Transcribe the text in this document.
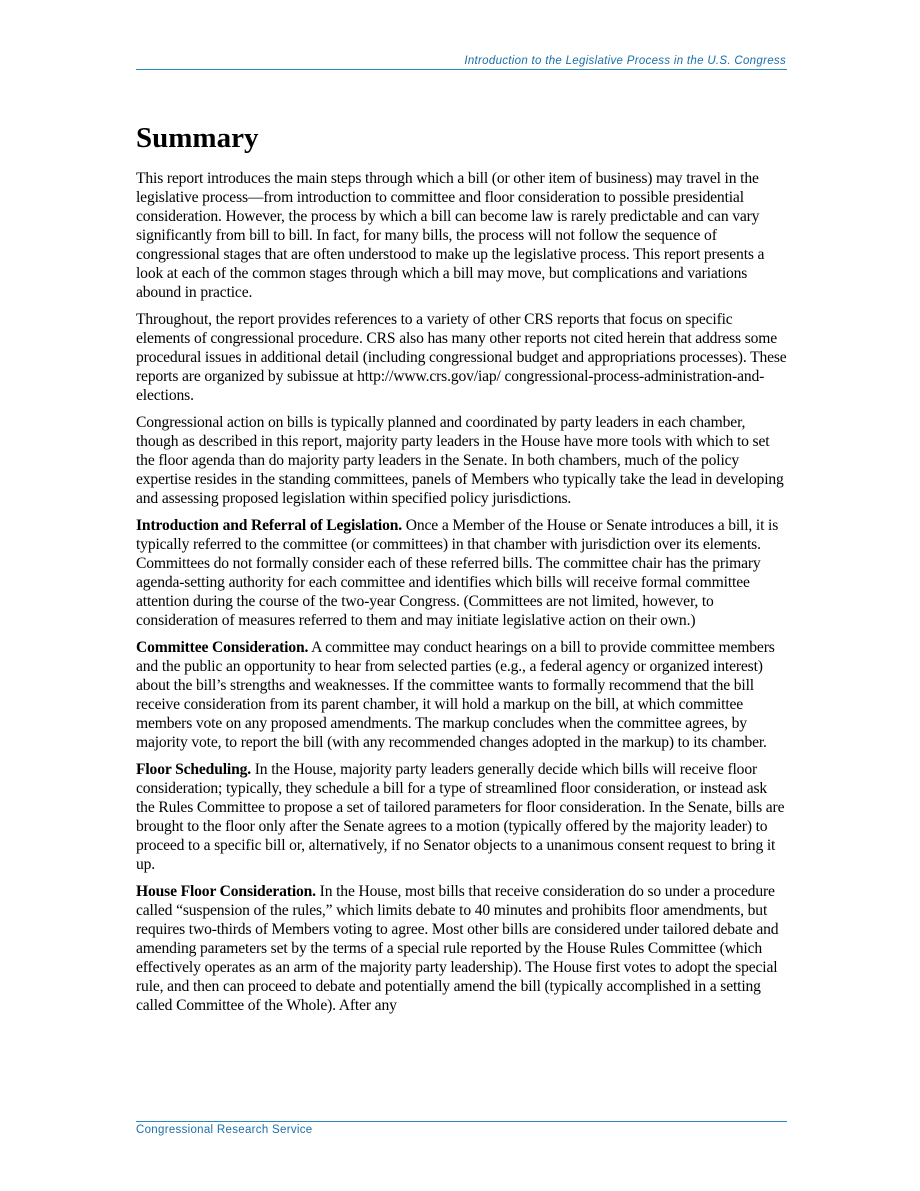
Introduction to the Legislative Process in the U.S. Congress
Summary

This report introduces the main steps through which a bill (or other item of business) may travel in the legislative process—from introduction to committee and floor consideration to possible presidential consideration. However, the process by which a bill can become law is rarely predictable and can vary significantly from bill to bill. In fact, for many bills, the process will not follow the sequence of congressional stages that are often understood to make up the legislative process. This report presents a look at each of the common stages through which a bill may move, but complications and variations abound in practice.

Throughout, the report provides references to a variety of other CRS reports that focus on specific elements of congressional procedure. CRS also has many other reports not cited herein that address some procedural issues in additional detail (including congressional budget and appropriations processes). These reports are organized by subissue at http://www.crs.gov/iap/ congressional-process-administration-and-elections.

Congressional action on bills is typically planned and coordinated by party leaders in each chamber, though as described in this report, majority party leaders in the House have more tools with which to set the floor agenda than do majority party leaders in the Senate. In both chambers, much of the policy expertise resides in the standing committees, panels of Members who typically take the lead in developing and assessing proposed legislation within specified policy jurisdictions.

Introduction and Referral of Legislation. Once a Member of the House or Senate introduces a bill, it is typically referred to the committee (or committees) in that chamber with jurisdiction over its elements. Committees do not formally consider each of these referred bills. The committee chair has the primary agenda-setting authority for each committee and identifies which bills will receive formal committee attention during the course of the two-year Congress. (Committees are not limited, however, to consideration of measures referred to them and may initiate legislative action on their own.)

Committee Consideration. A committee may conduct hearings on a bill to provide committee members and the public an opportunity to hear from selected parties (e.g., a federal agency or organized interest) about the bill’s strengths and weaknesses. If the committee wants to formally recommend that the bill receive consideration from its parent chamber, it will hold a markup on the bill, at which committee members vote on any proposed amendments. The markup concludes when the committee agrees, by majority vote, to report the bill (with any recommended changes adopted in the markup) to its chamber.

Floor Scheduling. In the House, majority party leaders generally decide which bills will receive floor consideration; typically, they schedule a bill for a type of streamlined floor consideration, or instead ask the Rules Committee to propose a set of tailored parameters for floor consideration. In the Senate, bills are brought to the floor only after the Senate agrees to a motion (typically offered by the majority leader) to proceed to a specific bill or, alternatively, if no Senator objects to a unanimous consent request to bring it up.

House Floor Consideration. In the House, most bills that receive consideration do so under a procedure called “suspension of the rules,” which limits debate to 40 minutes and prohibits floor amendments, but requires two-thirds of Members voting to agree. Most other bills are considered under tailored debate and amending parameters set by the terms of a special rule reported by the House Rules Committee (which effectively operates as an arm of the majority party leadership). The House first votes to adopt the special rule, and then can proceed to debate and potentially amend the bill (typically accomplished in a setting called Committee of the Whole). After any

Congressional Research Service
